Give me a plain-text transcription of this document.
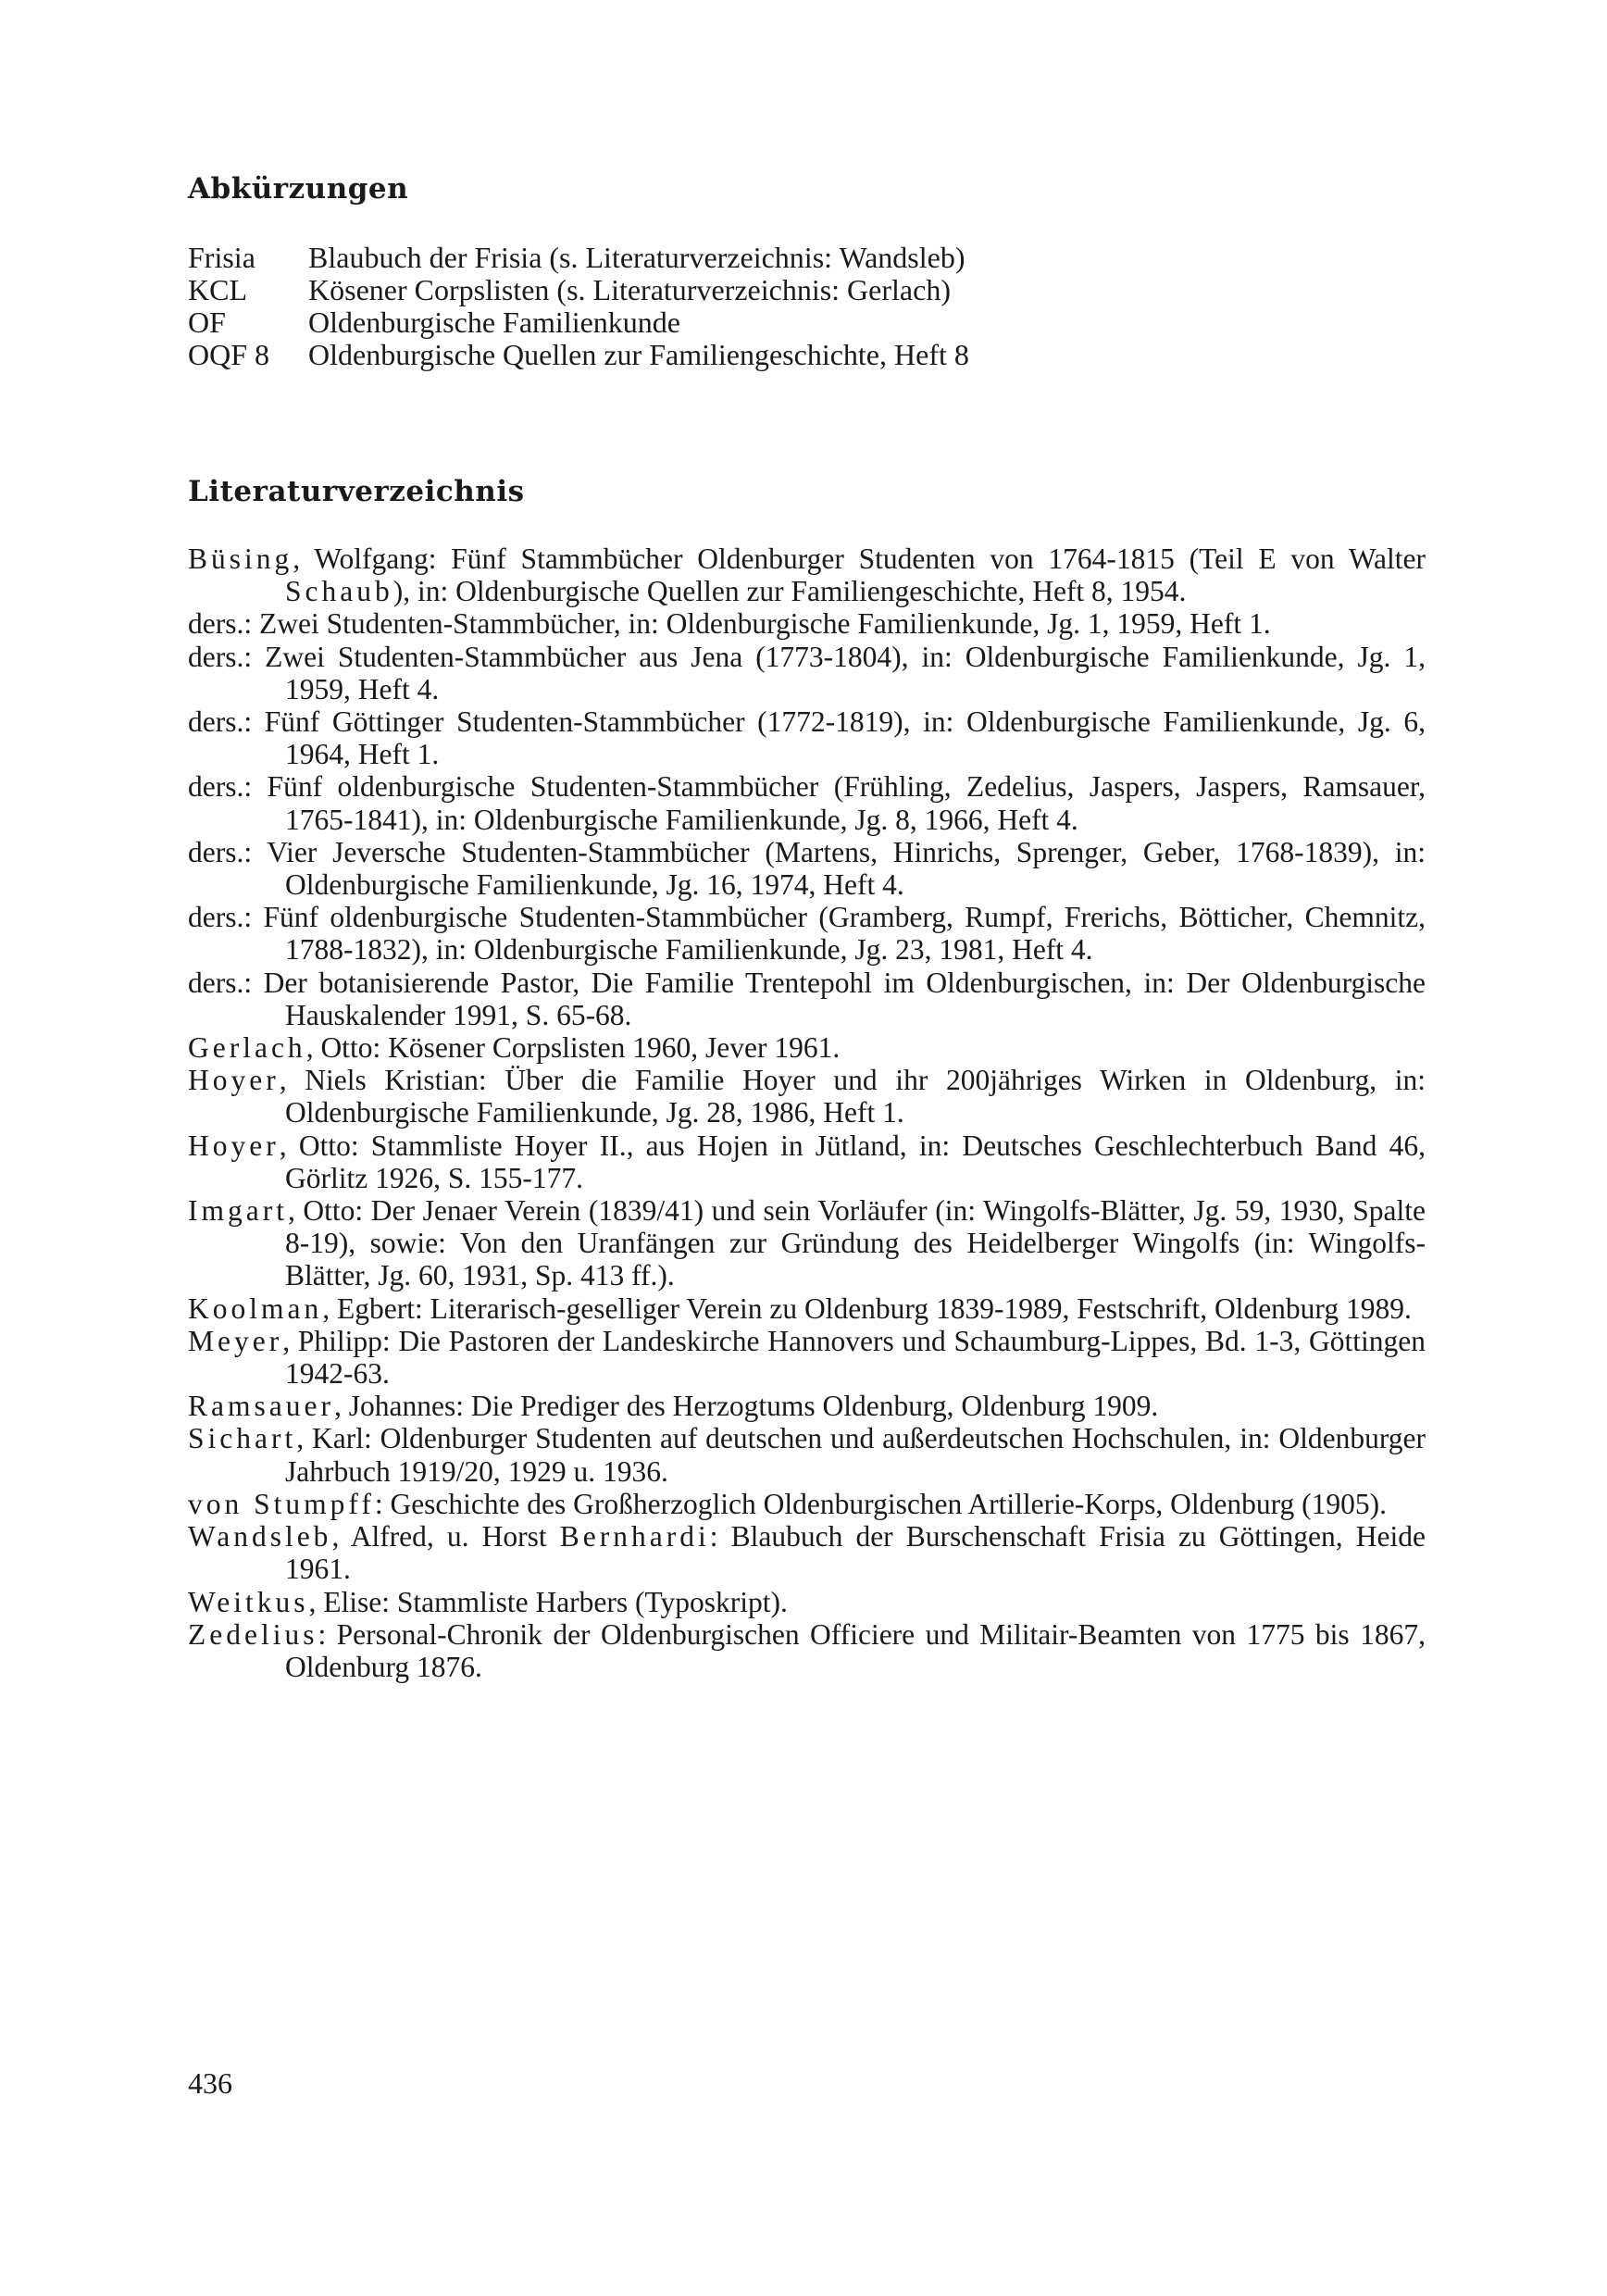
Abkürzungen
Frisia	Blaubuch der Frisia (s. Literaturverzeichnis: Wandsleb)
KCL	Kösener Corpslisten (s. Literaturverzeichnis: Gerlach)
OF	Oldenburgische Familienkunde
OQF 8	Oldenburgische Quellen zur Familiengeschichte, Heft 8
Literaturverzeichnis

Büsing, Wolfgang: Fünf Stammbücher Oldenburger Studenten von 1764-1815 (Teil E von Walter Schaub), in: Oldenburgische Quellen zur Familiengeschichte, Heft 8, 1954.

ders.: Zwei Studenten-Stammbücher, in: Oldenburgische Familienkunde, Jg. 1, 1959, Heft 1.

ders.: Zwei Studenten-Stammbücher aus Jena (1773-1804), in: Oldenburgische Familienkunde, Jg. 1, 1959, Heft 4.

ders.: Fünf Göttinger Studenten-Stammbücher (1772-1819), in: Oldenburgische Familienkunde, Jg. 6, 1964, Heft 1.

ders.: Fünf oldenburgische Studenten-Stammbücher (Frühling, Zedelius, Jaspers, Jaspers, Ramsauer, 1765-1841), in: Oldenburgische Familienkunde, Jg. 8, 1966, Heft 4.

ders.: Vier Jeversche Studenten-Stammbücher (Martens, Hinrichs, Sprenger, Geber, 1768-1839), in: Oldenburgische Familienkunde, Jg. 16, 1974, Heft 4.

ders.: Fünf oldenburgische Studenten-Stammbücher (Gramberg, Rumpf, Frerichs, Bötticher, Chemnitz, 1788-1832), in: Oldenburgische Familienkunde, Jg. 23, 1981, Heft 4.

ders.: Der botanisierende Pastor, Die Familie Trentepohl im Oldenburgischen, in: Der Oldenburgische Hauskalender 1991, S. 65-68.

Gerlach, Otto: Kösener Corpslisten 1960, Jever 1961.

Hoyer, Niels Kristian: Über die Familie Hoyer und ihr 200jähriges Wirken in Oldenburg, in: Oldenburgische Familienkunde, Jg. 28, 1986, Heft 1.

Hoyer, Otto: Stammliste Hoyer II., aus Hojen in Jütland, in: Deutsches Geschlechterbuch Band 46, Görlitz 1926, S. 155-177.

Imgart, Otto: Der Jenaer Verein (1839/41) und sein Vorläufer (in: Wingolfs-Blätter, Jg. 59, 1930, Spalte 8-19), sowie: Von den Uranfängen zur Gründung des Heidelberger Wingolfs (in: Wingolfs-Blätter, Jg. 60, 1931, Sp. 413 ff.).

Koolman, Egbert: Literarisch-geselliger Verein zu Oldenburg 1839-1989, Festschrift, Oldenburg 1989.

Meyer, Philipp: Die Pastoren der Landeskirche Hannovers und Schaumburg-Lippes, Bd. 1-3, Göttingen 1942-63.

Ramsauer, Johannes: Die Prediger des Herzogtums Oldenburg, Oldenburg 1909.

Sichart, Karl: Oldenburger Studenten auf deutschen und außerdeutschen Hochschulen, in: Oldenburger Jahrbuch 1919/20, 1929 u. 1936.

von Stumpff: Geschichte des Großherzoglich Oldenburgischen Artillerie-Korps, Oldenburg (1905).

Wandsleb, Alfred, u. Horst Bernhardi: Blaubuch der Burschenschaft Frisia zu Göttingen, Heide 1961.

Weitkus, Elise: Stammliste Harbers (Typoskript).

Zedelius: Personal-Chronik der Oldenburgischen Officiere und Militair-Beamten von 1775 bis 1867, Oldenburg 1876.

436
